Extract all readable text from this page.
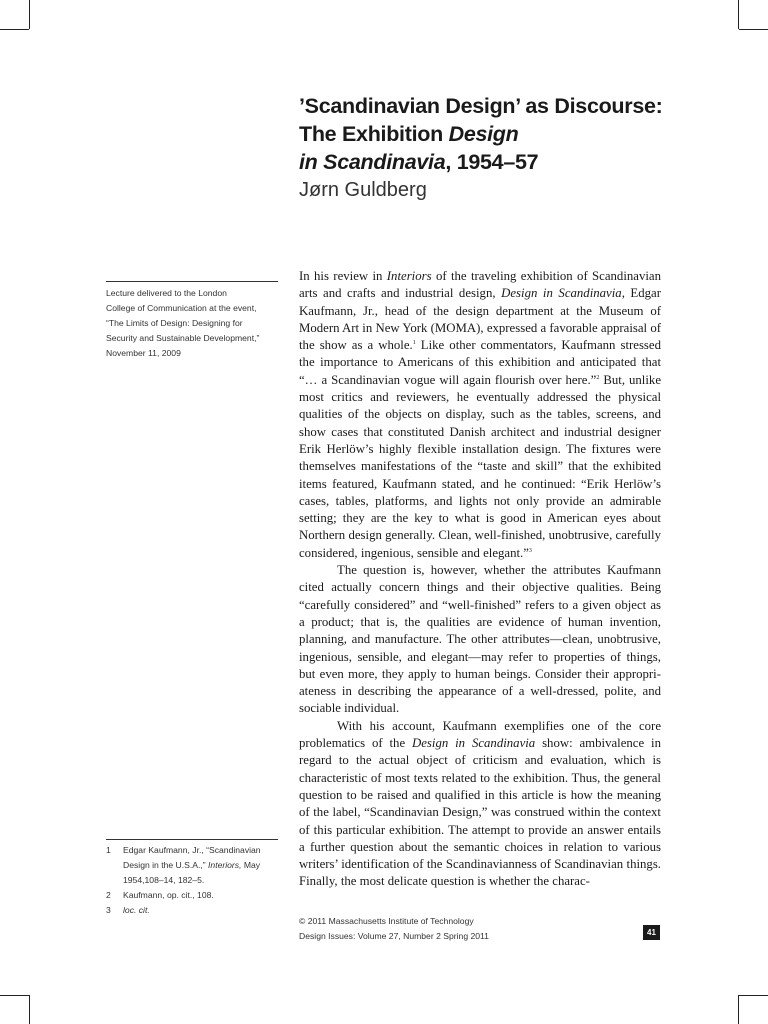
’Scandinavian Design’ as Discourse:
The Exhibition Design
in Scandinavia, 1954–57
Jørn Guldberg
Lecture delivered to the London
College of Communication at the event,
“The Limits of Design: Designing for
Security and Sustainable Development,”
November 11, 2009

In his review in Interiors of the traveling exhibition of Scandinavian arts and crafts and industrial design, Design in Scandinavia, Edgar Kaufmann, Jr., head of the design department at the Museum of Modern Art in New York (MOMA), expressed a favorable appraisal of the show as a whole.$^1$ Like other commentators, Kaufmann stressed the importance to Americans of this exhibition and anticipated that “… a Scandinavian vogue will again flourish over here.”$^2$ But, unlike most critics and reviewers, he eventually addressed the physical qualities of the objects on display, such as the tables, screens, and show cases that constituted Danish architect and industrial designer Erik Herlöw’s highly flexible installation design. The fixtures were themselves manifestations of the “taste and skill” that the exhibited items featured, Kaufmann stated, and he continued: “Erik Herlöw’s cases, tables, platforms, and lights not only provide an admirable setting; they are the key to what is good in American eyes about Northern design generally. Clean, well-finished, unobtrusive, carefully considered, ingenious, sensible and elegant.”$^3$

The question is, however, whether the attributes Kaufmann cited actually concern things and their objective qualities. Being “carefully considered” and “well-finished” refers to a given object as a product; that is, the qualities are evidence of human invention, planning, and manufacture. The other attributes—clean, unobtrusive, ingenious, sensible, and elegant—may refer to properties of things, but even more, they apply to human beings. Consider their appropri-ateness in describing the appearance of a well-dressed, polite, and sociable individual.

With his account, Kaufmann exemplifies one of the core problematics of the Design in Scandinavia show: ambivalence in regard to the actual object of criticism and evaluation, which is characteristic of most texts related to the exhibition. Thus, the general question to be raised and qualified in this article is how the meaning of the label, “Scandinavian Design,” was construed within the context of this particular exhibition. The attempt to provide an answer entails a further question about the semantic choices in relation to various writers’ identification of the Scandinavianness of Scandinavian things. Finally, the most delicate question is whether the charac-

1	Edgar Kaufmann, Jr., “Scandinavian Design in the U.S.A.,” Interiors, May 1954,108–14, 182–5.
2	Kaufmann, op. cit., 108.
3	loc. cit.
© 2011 Massachusetts Institute of Technology
Design Issues: Volume 27, Number 2 Spring 2011	41
